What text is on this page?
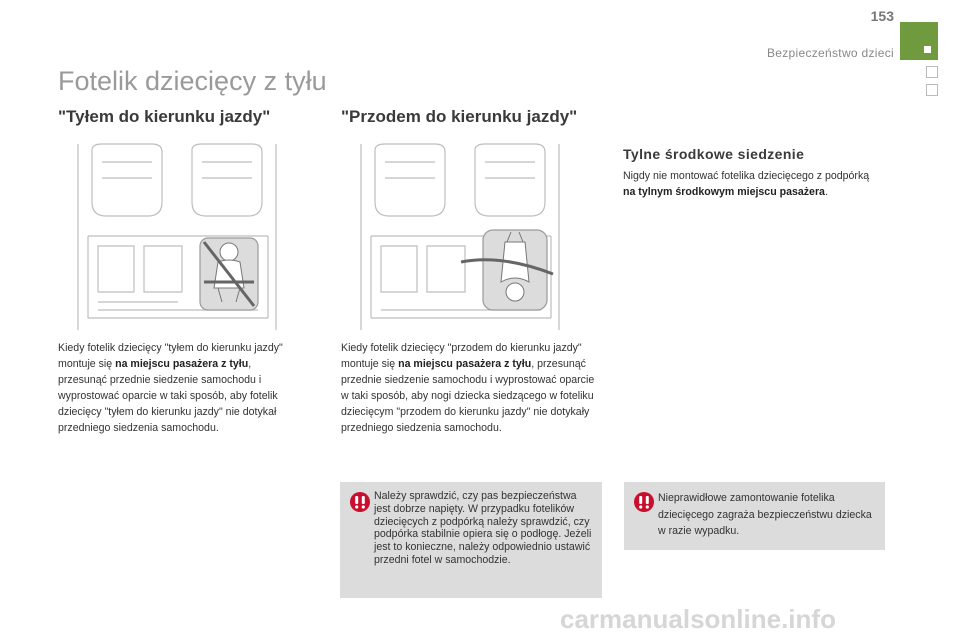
153
Bezpieczeństwo dzieci
Fotelik dziecięcy z tyłu
"Tyłem do kierunku jazdy"	"Przodem do kierunku jazdy"
Tylne środkowe siedzenie

Kiedy fotelik dziecięcy "tyłem do kierunku jazdy" montuje się na miejscu pasażera z tyłu, przesunąć przednie siedzenie samochodu i wyprostować oparcie w taki sposób, aby fotelik dziecięcy "tyłem do kierunku jazdy" nie dotykał przedniego siedzenia samochodu.

Kiedy fotelik dziecięcy "przodem do kierunku jazdy" montuje się na miejscu pasażera z tyłu, przesunąć przednie siedzenie samochodu i wyprostować oparcie w taki sposób, aby nogi dziecka siedzącego w foteliku dziecięcym "przodem do kierunku jazdy" nie dotykały przedniego siedzenia samochodu.

Nigdy nie montować fotelika dziecięcego z podpórką na tylnym środkowym miejscu pasażera.

Należy sprawdzić, czy pas bezpieczeństwa jest dobrze napięty. W przypadku fotelików dziecięcych z podpórką należy sprawdzić, czy podpórka stabilnie opiera się o podłogę. Jeżeli jest to konieczne, należy odpowiednio ustawić przedni fotel w samochodzie.

Nieprawidłowe zamontowanie fotelika dziecięcego zagraża bezpieczeństwu dziecka w razie wypadku.

carmanualsonline.info
